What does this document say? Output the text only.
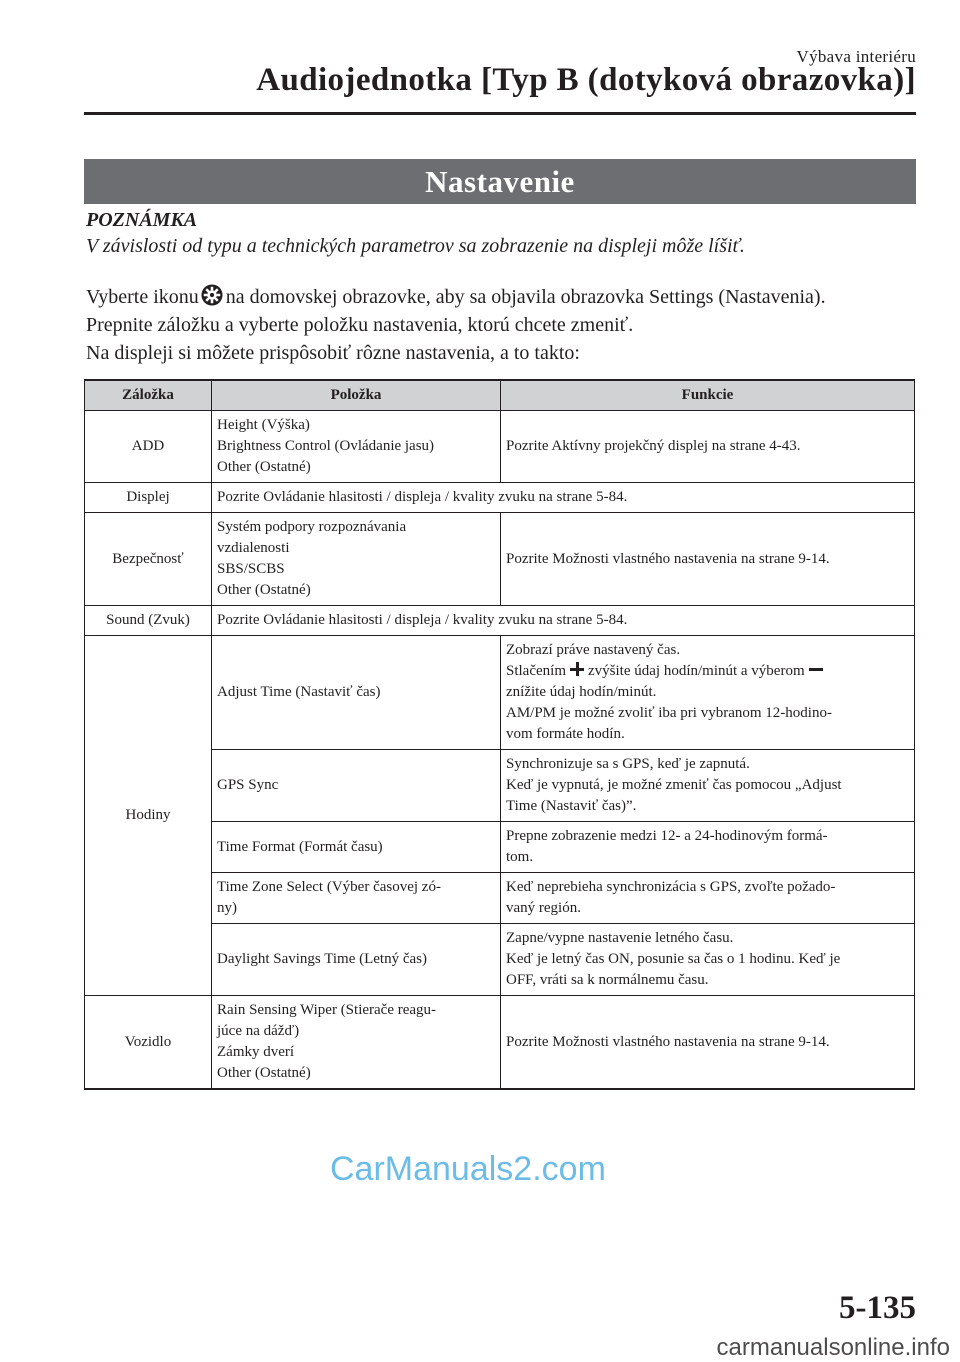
Výbava interiéru
Audiojednotka [Typ B (dotyková obrazovka)]
Nastavenie
POZNÁMKA
V závislosti od typu a technických parametrov sa zobrazenie na displeji môže líšiť.

Vyberte ikonu na domovskej obrazovke, aby sa objavila obrazovka Settings (Nastavenia).

Prepnite záložku a vyberte položku nastavenia, ktorú chcete zmeniť.

Na displeji si môžete prispôsobiť rôzne nastavenia, a to takto:

Záložka	Položka	Funkcie
ADD	Height (Výška)
Brightness Control (Ovládanie jasu)
Other (Ostatné)	Pozrite Aktívny projekčný displej na strane 4-43.
Displej	Pozrite Ovládanie hlasitosti / displeja / kvality zvuku na strane 5-84.	
Bezpečnosť	Systém podpory rozpoznávania
vzdialenosti
SBS/SCBS
Other (Ostatné)	Pozrite Možnosti vlastného nastavenia na strane 9-14.
Sound (Zvuk)	Pozrite Ovládanie hlasitosti / displeja / kvality zvuku na strane 5-84.	
Hodiny	Adjust Time (Nastaviť čas)	Zobrazí práve nastavený čas.
Stlačením zvýšite údaj hodín/minút a výberom
znížite údaj hodín/minút.
AM/PM je možné zvoliť iba pri vybranom 12-hodino-
vom formáte hodín.

	GPS Sync	Synchronizuje sa s GPS, keď je zapnutá.
Keď je vypnutá, je možné zmeniť čas pomocou „Adjust
Time (Nastaviť čas)”.

	Time Format (Formát času)	Prepne zobrazenie medzi 12- a 24-hodinovým formá-
tom.

	Time Zone Select (Výber časovej zó-
ny)	Keď neprebieha synchronizácia s GPS, zvoľte požado-
vaný región.

	Daylight Savings Time (Letný čas)	Zapne/vypne nastavenie letného času.
Keď je letný čas ON, posunie sa čas o 1 hodinu. Keď je
OFF, vráti sa k normálnemu času.

Vozidlo	Rain Sensing Wiper (Stierače reagu-
júce na dážď)
Zámky dverí
Other (Ostatné)	Pozrite Možnosti vlastného nastavenia na strane 9-14.
CarManuals2.com
5-135
carmanualsonline.info
